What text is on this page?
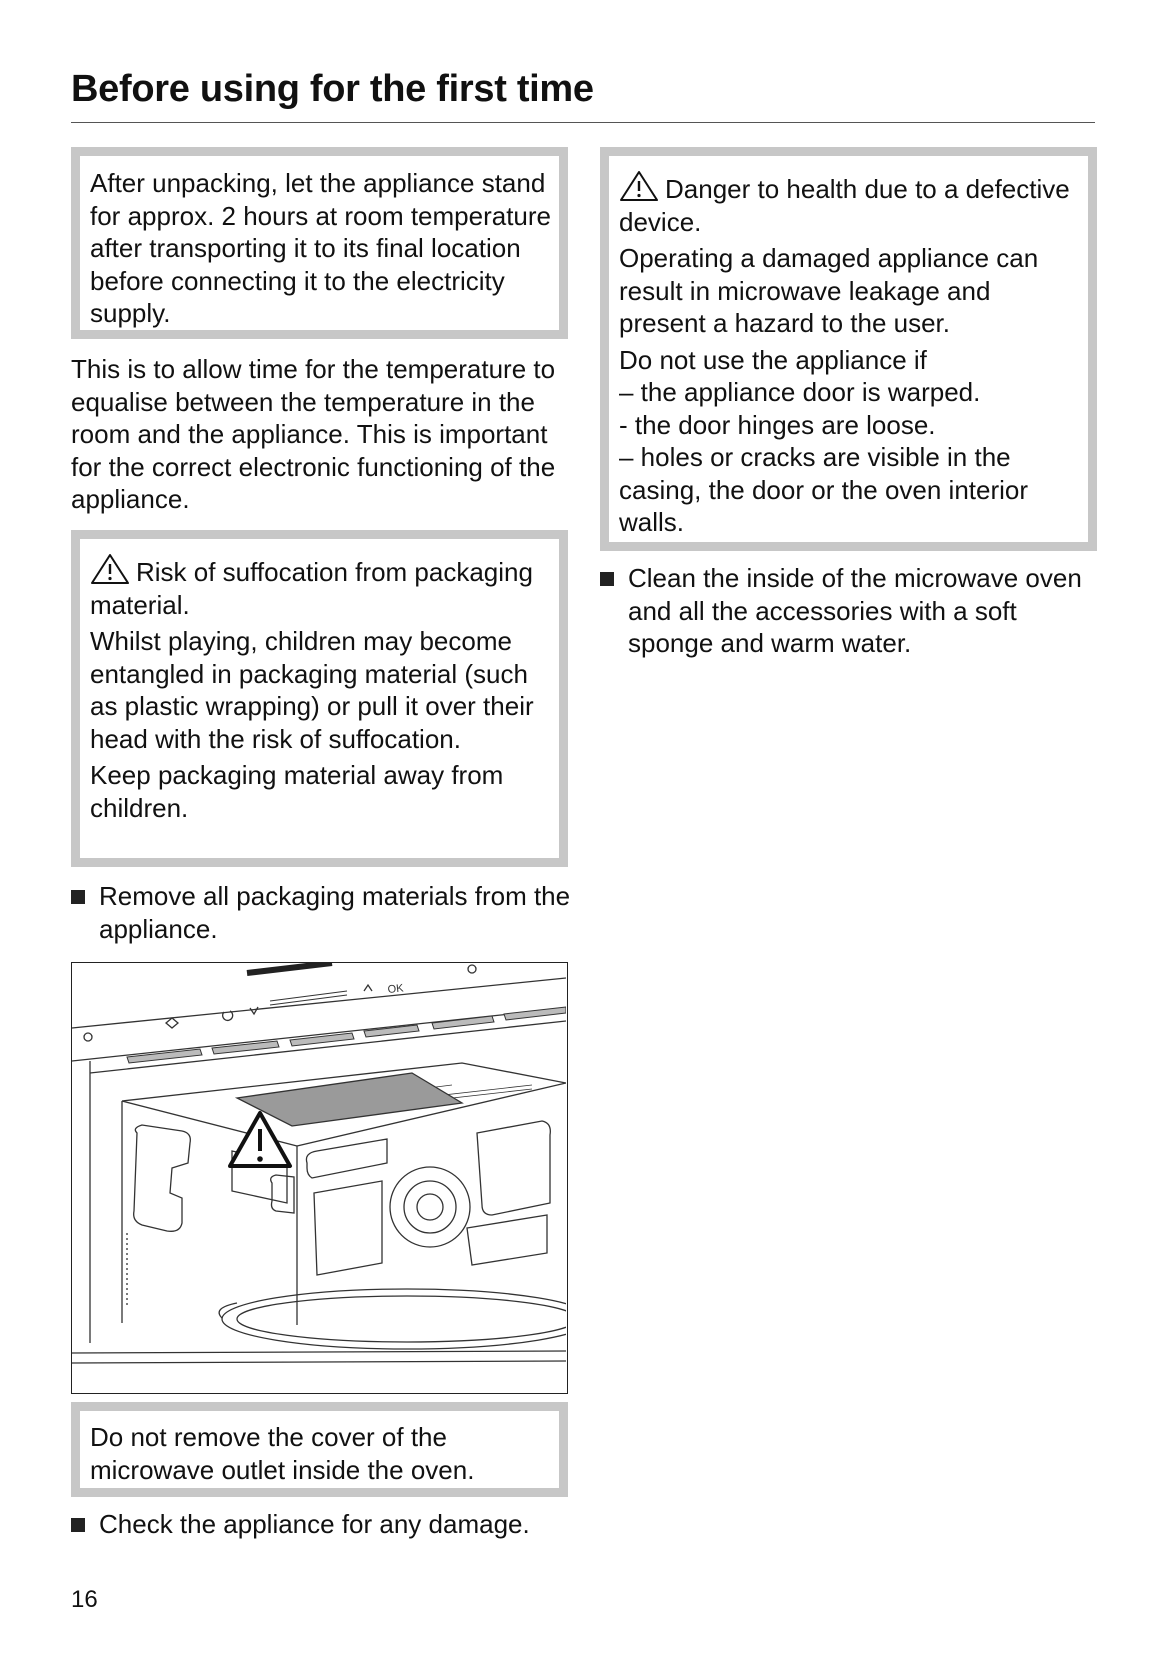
Before using for the first time

After unpacking, let the appliance stand for approx. 2 hours at room temperature after transporting it to its final location before connecting it to the electricity supply.

This is to allow time for the temperature to equalise between the temperature in the room and the appliance. This is important for the correct electronic functioning of the appliance.

Risk of suffocation from packaging material.

Whilst playing, children may become entangled in packaging material (such as plastic wrapping) or pull it over their head with the risk of suffocation.

Keep packaging material away from children.

Remove all packaging materials from the appliance.
OK

Do not remove the cover of the microwave outlet inside the oven.

Check the appliance for any damage.

Danger to health due to a defective device.

Operating a damaged appliance can result in microwave leakage and present a hazard to the user.

Do not use the appliance if
– the appliance door is warped.
- the door hinges are loose.
– holes or cracks are visible in the casing, the door or the oven interior walls.

Clean the inside of the microwave oven and all the accessories with a soft sponge and warm water.
16
